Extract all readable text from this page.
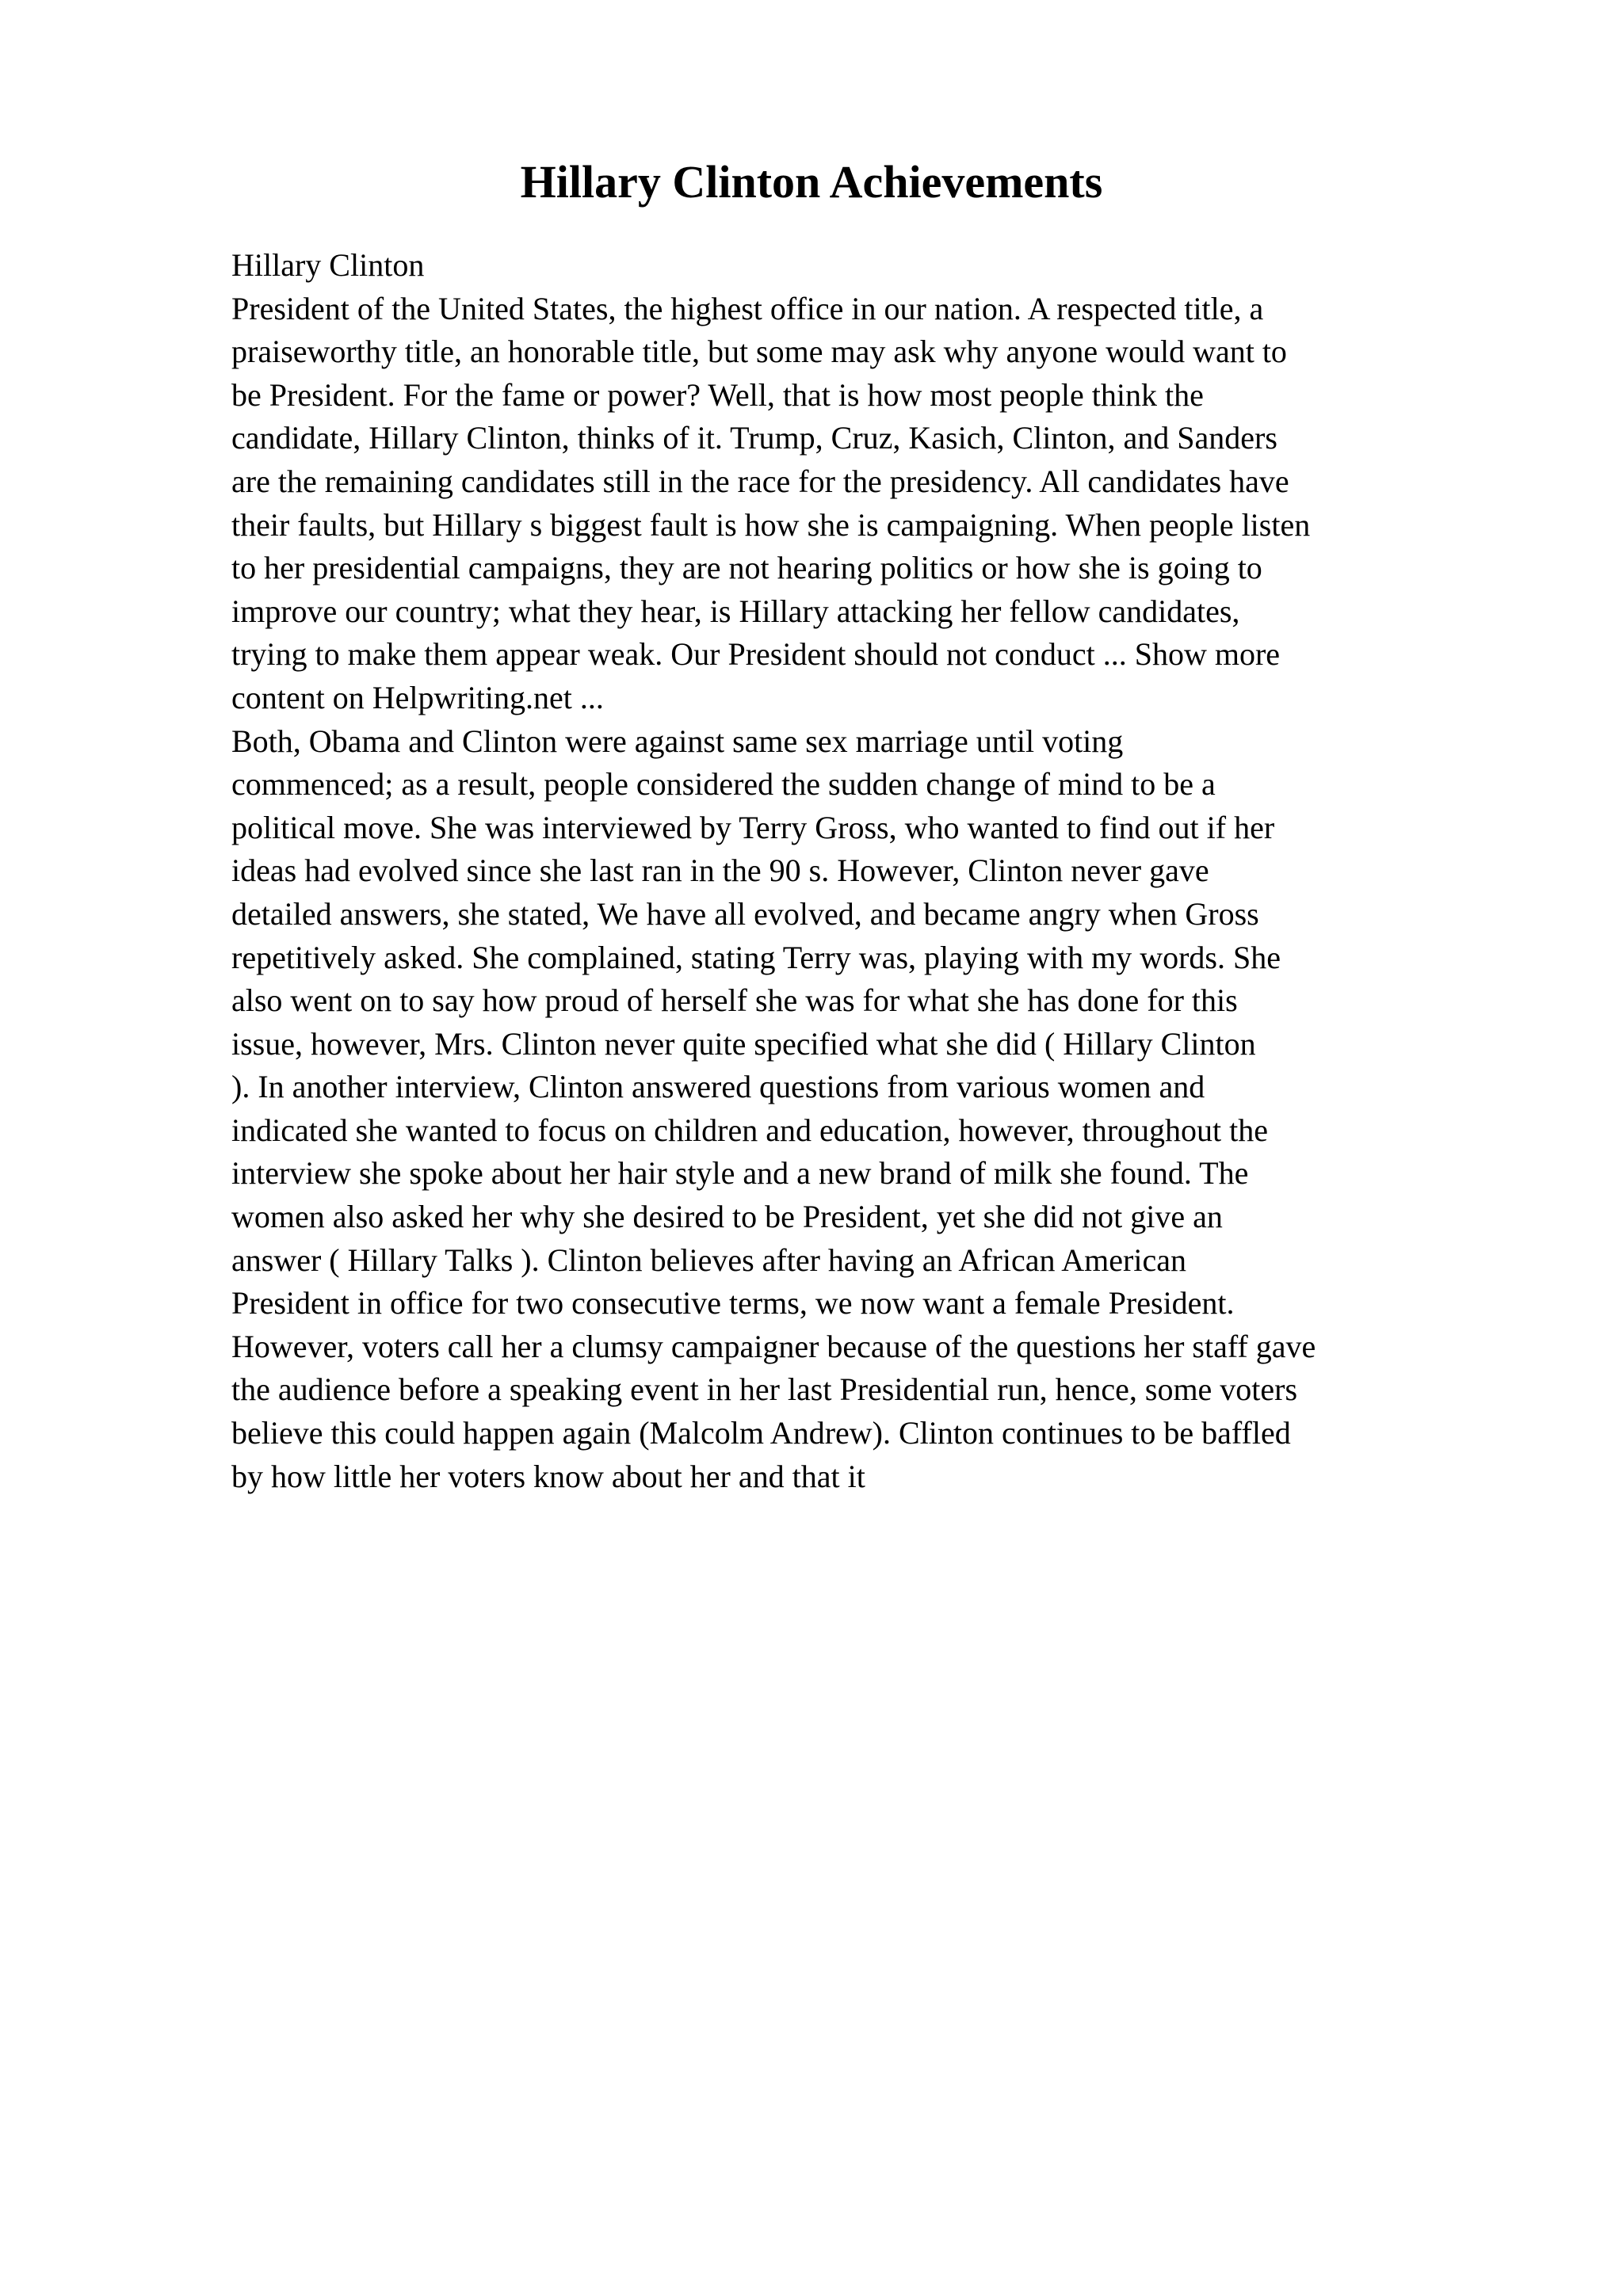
Hillary Clinton Achievements
Hillary Clinton
President of the United States, the highest office in our nation. A respected title, a
praiseworthy title, an honorable title, but some may ask why anyone would want to
be President. For the fame or power? Well, that is how most people think the
candidate, Hillary Clinton, thinks of it. Trump, Cruz, Kasich, Clinton, and Sanders
are the remaining candidates still in the race for the presidency. All candidates have
their faults, but Hillary s biggest fault is how she is campaigning. When people listen
to her presidential campaigns, they are not hearing politics or how she is going to
improve our country; what they hear, is Hillary attacking her fellow candidates,
trying to make them appear weak. Our President should not conduct ... Show more
content on Helpwriting.net ...
Both, Obama and Clinton were against same sex marriage until voting
commenced; as a result, people considered the sudden change of mind to be a
political move. She was interviewed by Terry Gross, who wanted to find out if her
ideas had evolved since she last ran in the 90 s. However, Clinton never gave
detailed answers, she stated, We have all evolved, and became angry when Gross
repetitively asked. She complained, stating Terry was, playing with my words. She
also went on to say how proud of herself she was for what she has done for this
issue, however, Mrs. Clinton never quite specified what she did ( Hillary Clinton
). In another interview, Clinton answered questions from various women and
indicated she wanted to focus on children and education, however, throughout the
interview she spoke about her hair style and a new brand of milk she found. The
women also asked her why she desired to be President, yet she did not give an
answer ( Hillary Talks ). Clinton believes after having an African American
President in office for two consecutive terms, we now want a female President.
However, voters call her a clumsy campaigner because of the questions her staff gave
the audience before a speaking event in her last Presidential run, hence, some voters
believe this could happen again (Malcolm Andrew). Clinton continues to be baffled
by how little her voters know about her and that it
